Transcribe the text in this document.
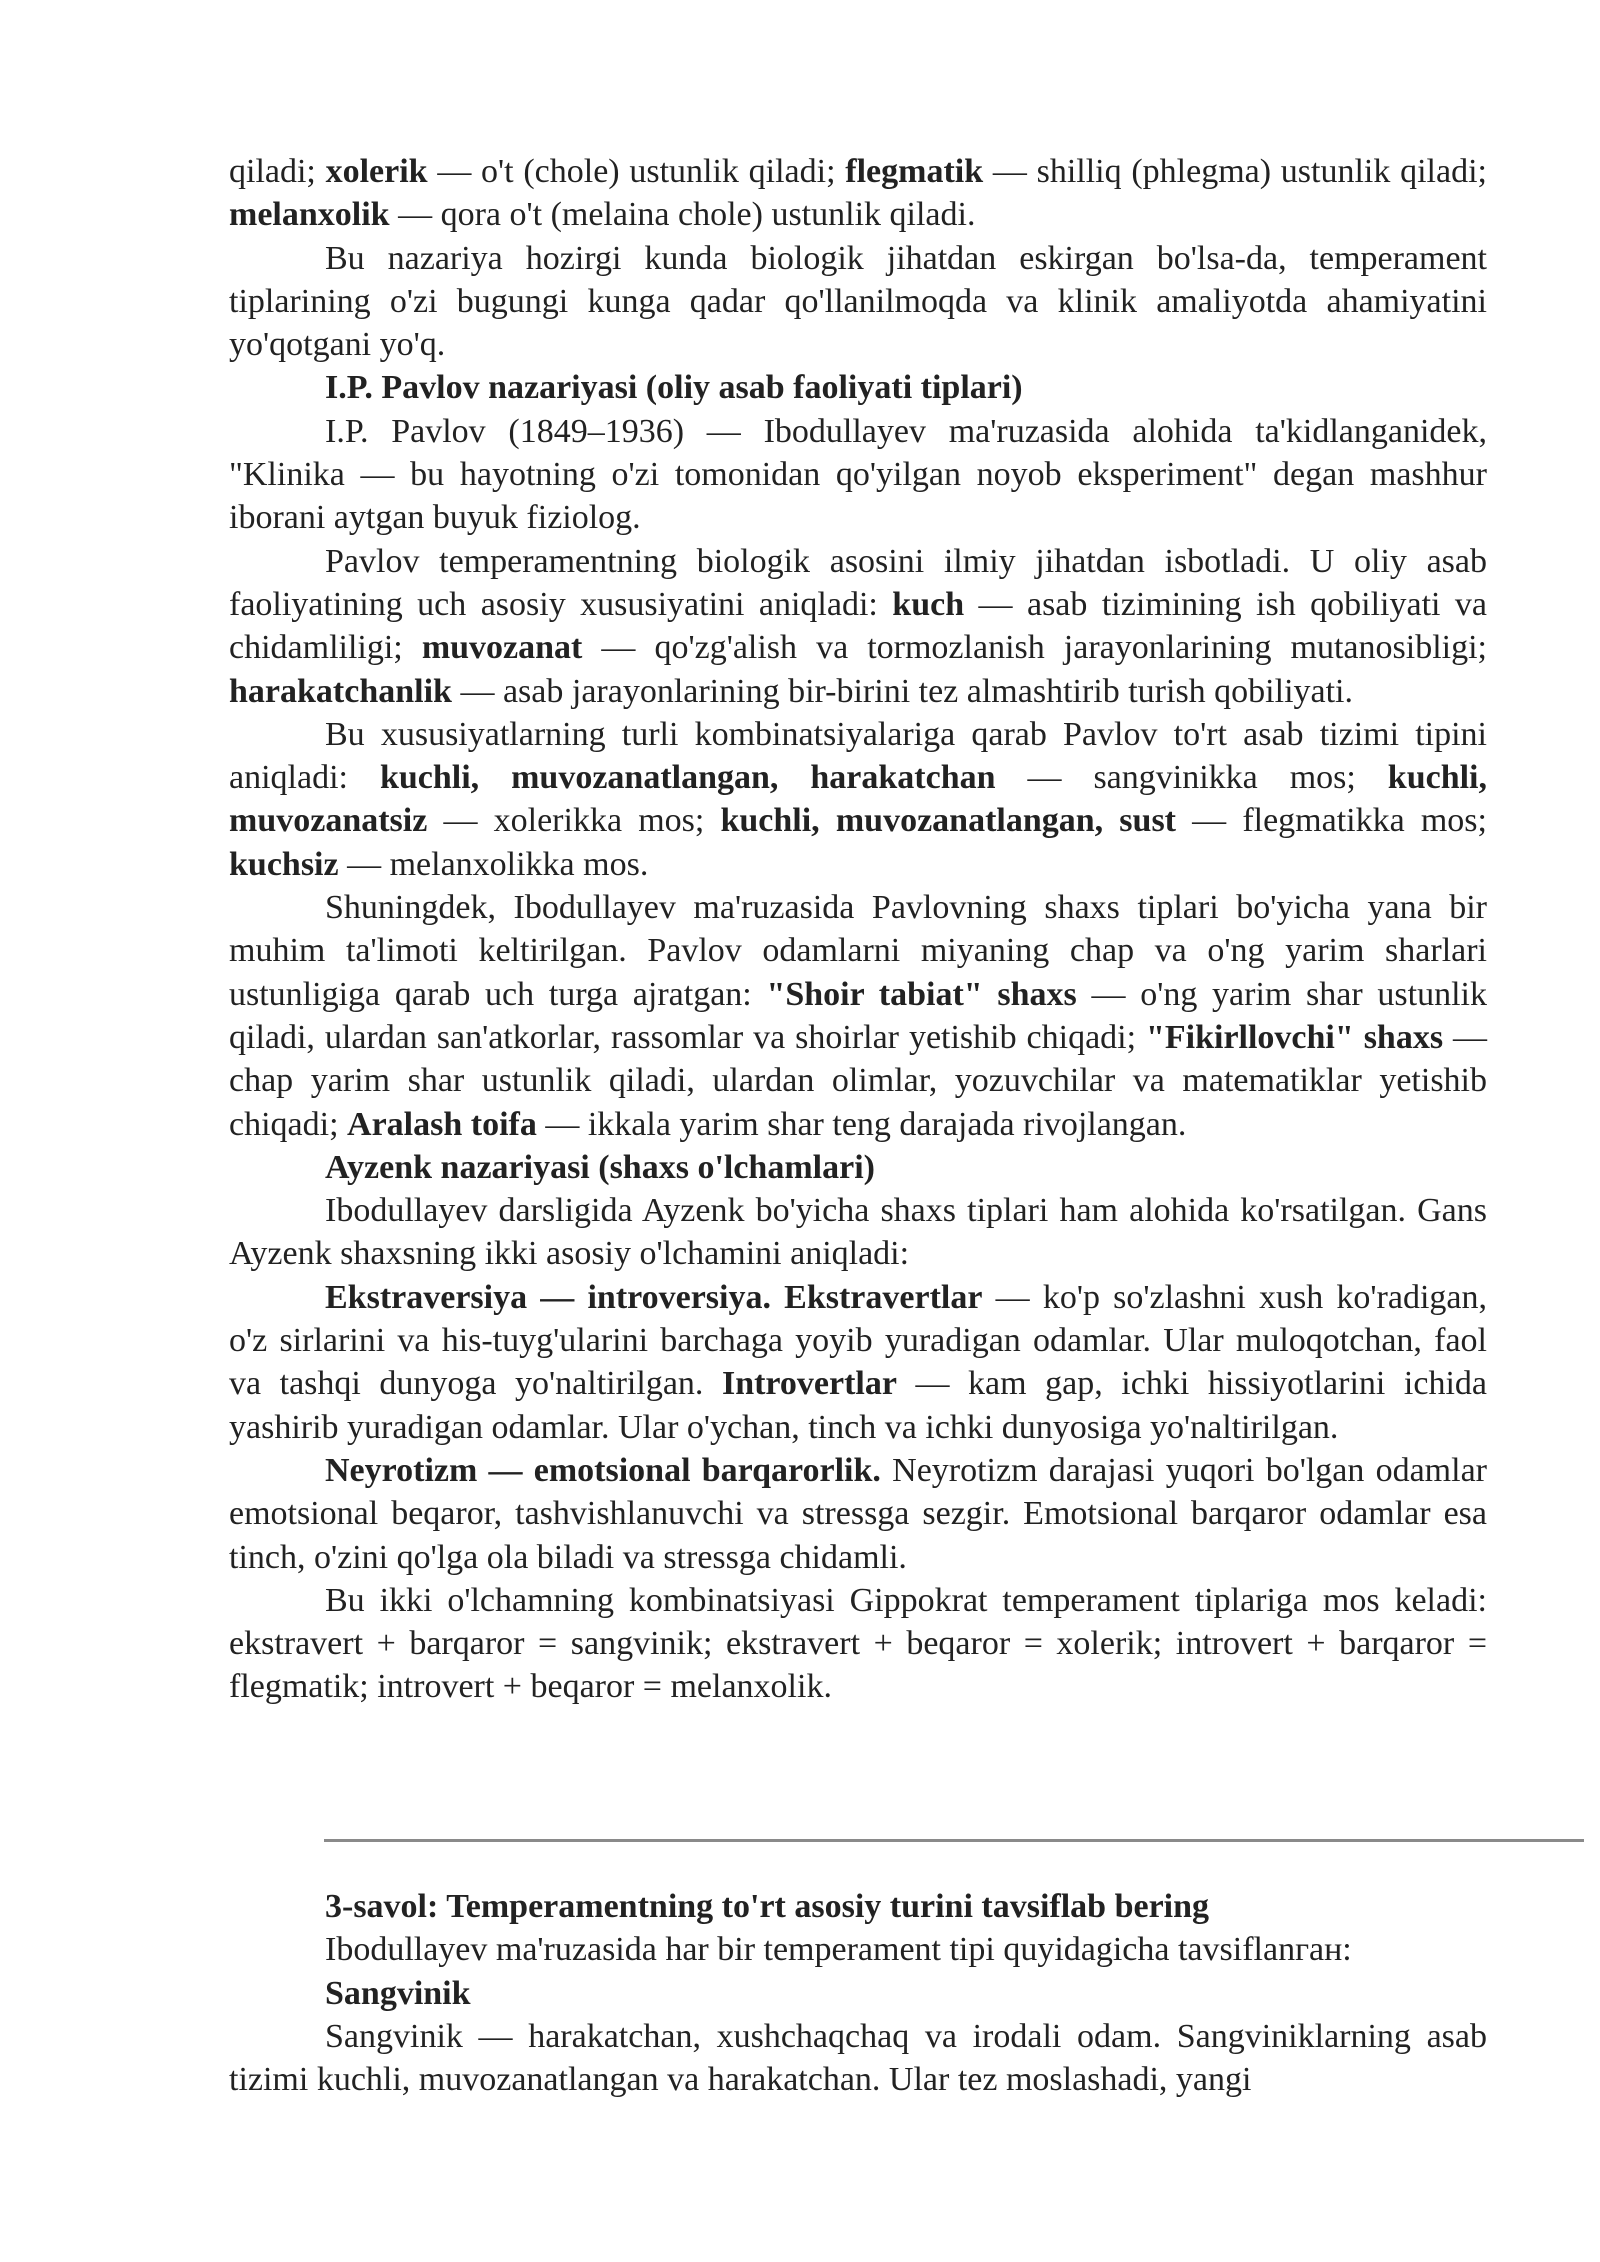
qiladi; xolerik — o't (chole) ustunlik qiladi; flegmatik — shilliq (phlegma) ustunlik qiladi; melanxolik — qora o't (melaina chole) ustunlik qiladi.

Bu nazariya hozirgi kunda biologik jihatdan eskirgan bo'lsa-da, temperament tiplarining o'zi bugungi kunga qadar qo'llanilmoqda va klinik amaliyotda ahamiyatini yo'qotgani yo'q.

I.P. Pavlov nazariyasi (oliy asab faoliyati tiplari)

I.P. Pavlov (1849–1936) — Ibodullayev ma'ruzasida alohida ta'kidlanganidek, "Klinika — bu hayotning o'zi tomonidan qo'yilgan noyob eksperiment" degan mashhur iborani aytgan buyuk fiziolog.

Pavlov temperamentning biologik asosini ilmiy jihatdan isbotladi. U oliy asab faoliyatining uch asosiy xususiyatini aniqladi: kuch — asab tizimining ish qobiliyati va chidamliligi; muvozanat — qo'zg'alish va tormozlanish jarayonlarining mutanosibligi; harakatchanlik — asab jarayonlarining bir-birini tez almashtirib turish qobiliyati.

Bu xususiyatlarning turli kombinatsiyalariga qarab Pavlov to'rt asab tizimi tipini aniqladi: kuchli, muvozanatlangan, harakatchan — sangvinikka mos; kuchli, muvozanatsiz — xolerikka mos; kuchli, muvozanatlangan, sust — flegmatikka mos; kuchsiz — melanxolikka mos.

Shuningdek, Ibodullayev ma'ruzasida Pavlovning shaxs tiplari bo'yicha yana bir muhim ta'limoti keltirilgan. Pavlov odamlarni miyaning chap va o'ng yarim sharlari ustunligiga qarab uch turga ajratgan: "Shoir tabiat" shaxs — o'ng yarim shar ustunlik qiladi, ulardan san'atkorlar, rassomlar va shoirlar yetishib chiqadi; "Fikirllovchi" shaxs — chap yarim shar ustunlik qiladi, ulardan olimlar, yozuvchilar va matematiklar yetishib chiqadi; Aralash toifa — ikkala yarim shar teng darajada rivojlangan.

Ayzenk nazariyasi (shaxs o'lchamlari)

Ibodullayev darsligida Ayzenk bo'yicha shaxs tiplari ham alohida ko'rsatilgan. Gans Ayzenk shaxsning ikki asosiy o'lchamini aniqladi:

Ekstraversiya — introversiya. Ekstravertlar — ko'p so'zlashni xush ko'radigan, o'z sirlarini va his-tuyg'ularini barchaga yoyib yuradigan odamlar. Ular muloqotchan, faol va tashqi dunyoga yo'naltirilgan. Introvertlar — kam gap, ichki hissiyotlarini ichida yashirib yuradigan odamlar. Ular o'ychan, tinch va ichki dunyosiga yo'naltirilgan.

Neyrotizm — emotsional barqarorlik. Neyrotizm darajasi yuqori bo'lgan odamlar emotsional beqaror, tashvishlanuvchi va stressga sezgir. Emotsional barqaror odamlar esa tinch, o'zini qo'lga ola biladi va stressga chidamli.

Bu ikki o'lchamning kombinatsiyasi Gippokrat temperament tiplariga mos keladi: ekstravert + barqaror = sangvinik; ekstravert + beqaror = xolerik; introvert + barqaror = flegmatik; introvert + beqaror = melanxolik.

3-savol: Temperamentning to'rt asosiy turini tavsiflab bering

Ibodullayev ma'ruzasida har bir temperament tipi quyidagicha tavsiflanган:

Sangvinik

Sangvinik — harakatchan, xushchaqchaq va irodali odam. Sangviniklarning asab tizimi kuchli, muvozanatlangan va harakatchan. Ular tez moslashadi, yangi
